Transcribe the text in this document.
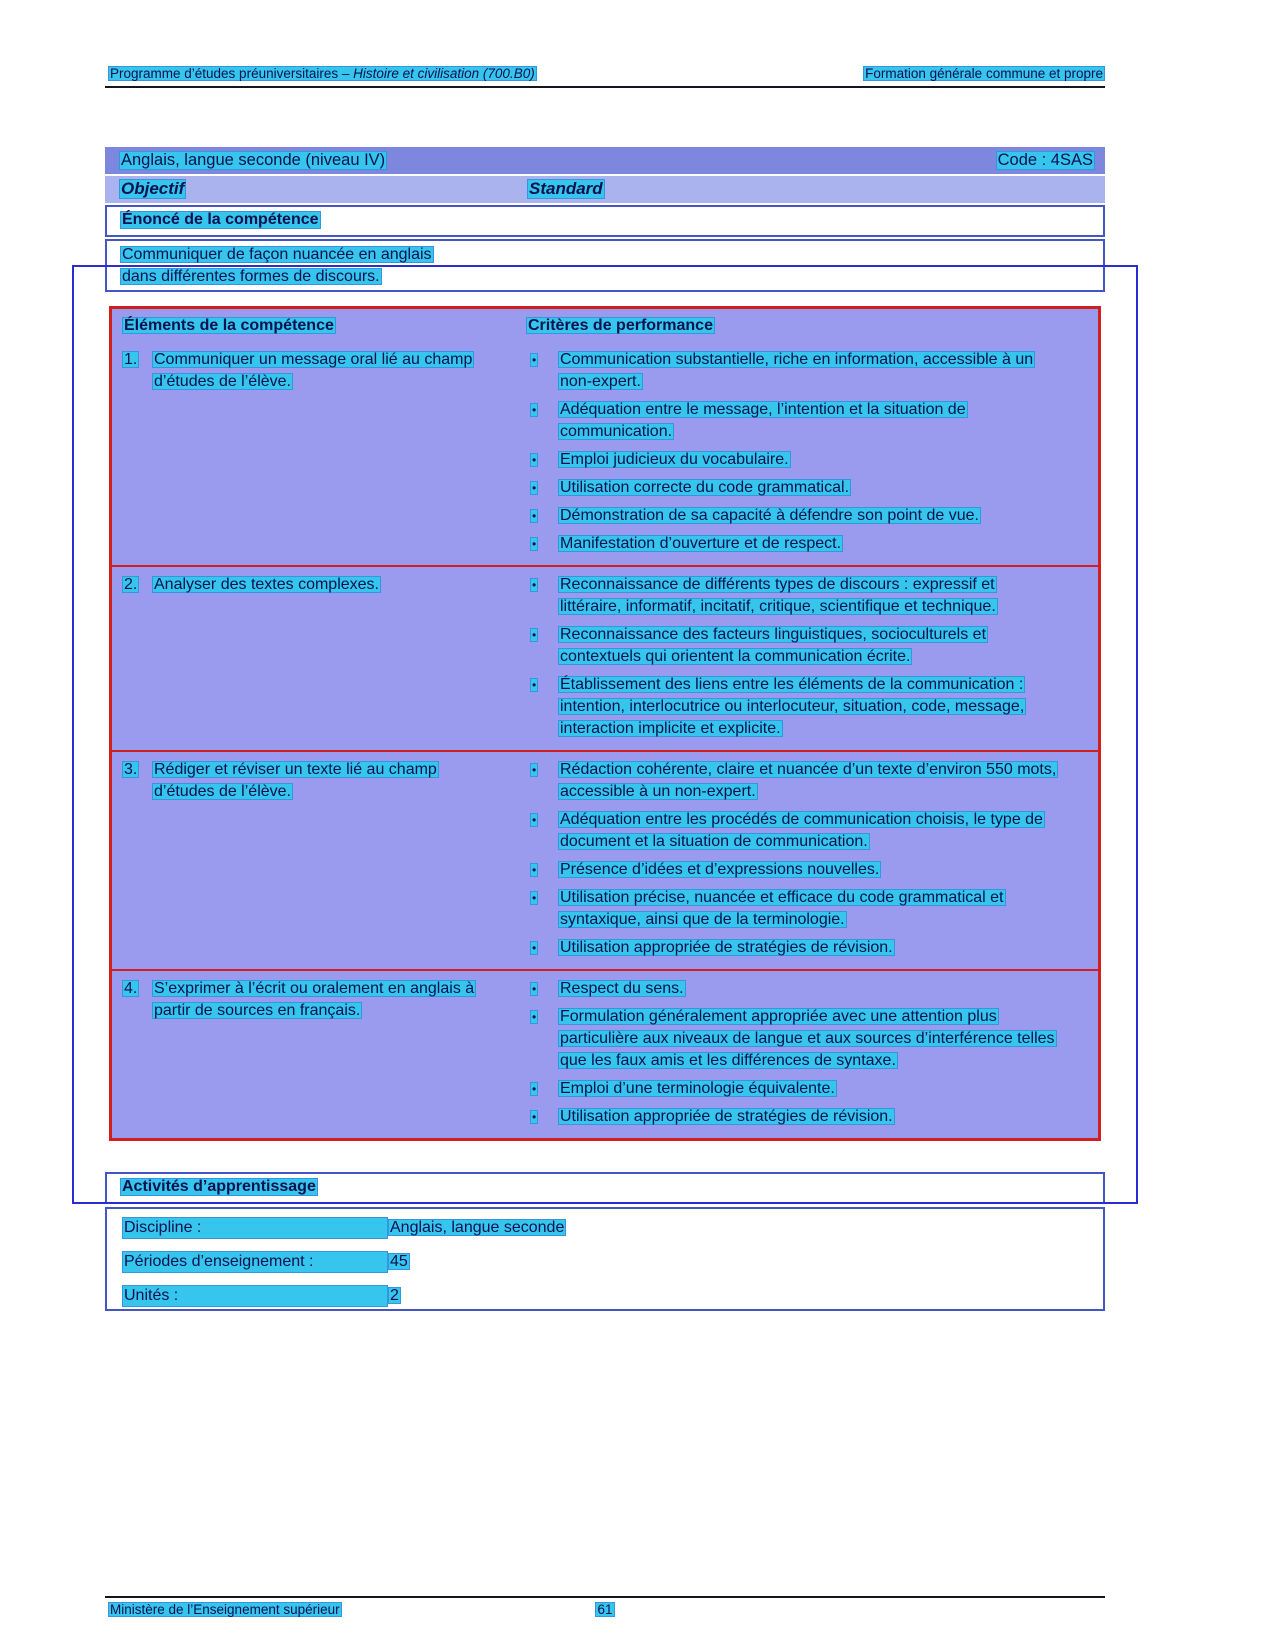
Programme d’études préuniversitaires – Histoire et civilisation (700.B0)	Formation générale commune et propre
Anglais, langue seconde (niveau IV)	Code : 4SAS
Objectif	Standard
Énoncé de la compétence
Communiquer de façon nuancée en anglais
dans différentes formes de discours.
Éléments de la compétence	Critères de performance
1.	Communiquer un message oral lié au champ d’études de l’élève.
•	Communication substantielle, riche en information, accessible à un non-expert.
•	Adéquation entre le message, l’intention et la situation de communication.
•	Emploi judicieux du vocabulaire.
•	Utilisation correcte du code grammatical.
•	Démonstration de sa capacité à défendre son point de vue.
•	Manifestation d’ouverture et de respect.
2.	Analyser des textes complexes.	•	Reconnaissance de différents types de discours : expressif et littéraire, informatif, incitatif, critique, scientifique et technique.
•	Reconnaissance des facteurs linguistiques, socioculturels et contextuels qui orientent la communication écrite.
•	Établissement des liens entre les éléments de la communication : intention, interlocutrice ou interlocuteur, situation, code, message, interaction implicite et explicite.
3.	Rédiger et réviser un texte lié au champ d’études de l’élève.
•	Rédaction cohérente, claire et nuancée d’un texte d’environ 550 mots, accessible à un non-expert.
•	Adéquation entre les procédés de communication choisis, le type de document et la situation de communication.
•	Présence d’idées et d’expressions nouvelles.
•	Utilisation précise, nuancée et efficace du code grammatical et syntaxique, ainsi que de la terminologie.
•	Utilisation appropriée de stratégies de révision.
4.	S’exprimer à l’écrit ou oralement en anglais à partir de sources en français.
•	Respect du sens.
•	Formulation généralement appropriée avec une attention plus particulière aux niveaux de langue et aux sources d’interférence telles que les faux amis et les différences de syntaxe.
•	Emploi d’une terminologie équivalente.
•	Utilisation appropriée de stratégies de révision.
Activités d’apprentissage
Discipline :	Anglais, langue seconde
Périodes d’enseignement :	45
Unités :	2
Ministère de l’Enseignement supérieur	61
